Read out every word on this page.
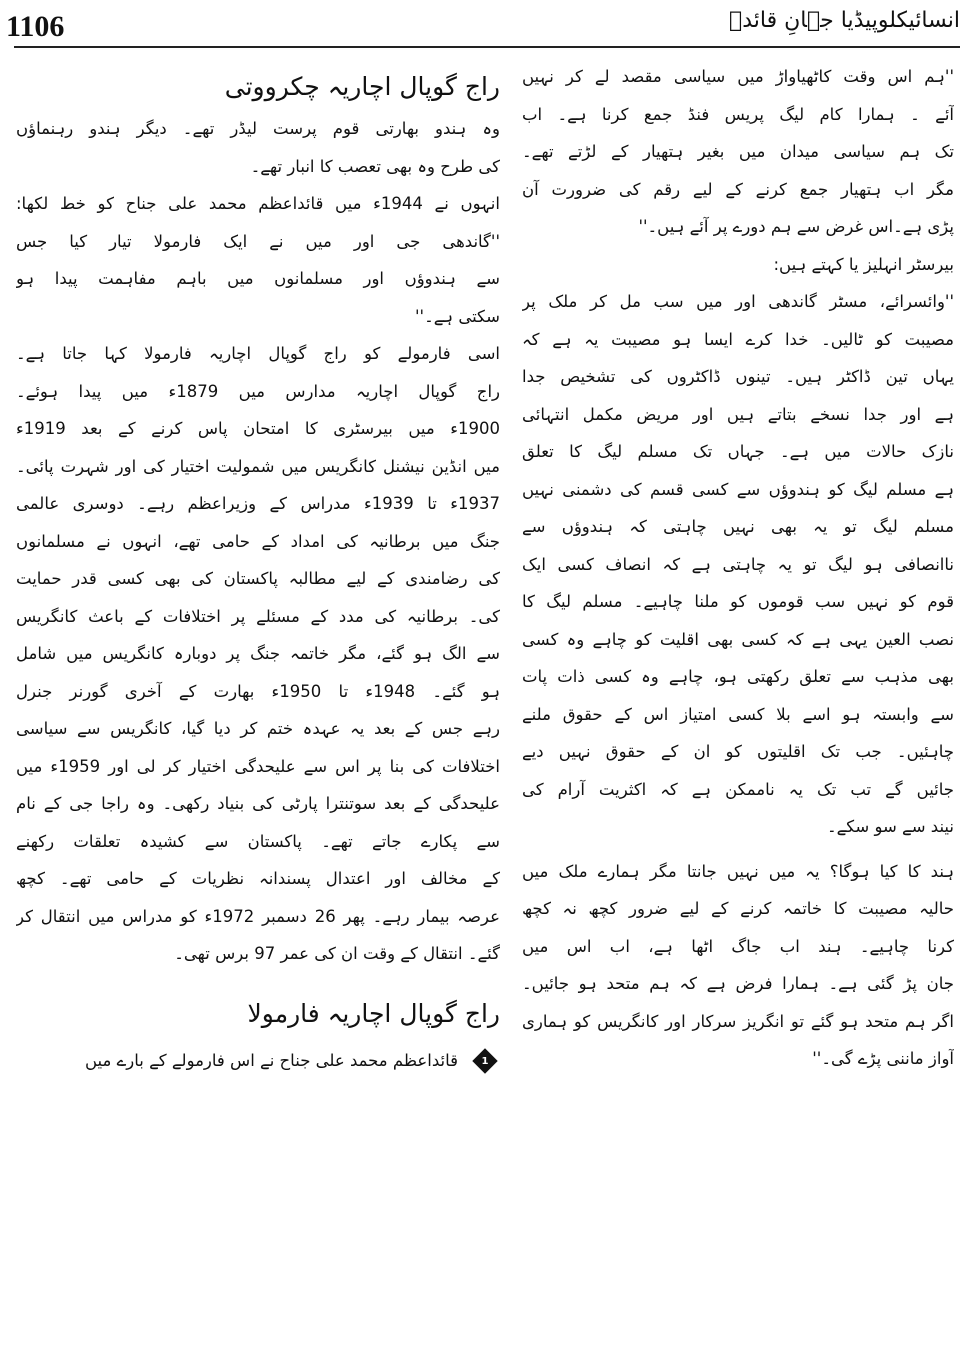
1106	انسائیکلوپیڈیا جہانِ قائدؒ
''ہم اس وقت کاٹھیاواڑ میں سیاسی مقصد لے کر نہیں
آئے ۔ ہمارا کام لیگ پریس فنڈ جمع کرنا ہے۔ اب
تک ہم سیاسی میدان میں بغیر ہتھیار کے لڑتے تھے۔
مگر اب ہتھیار جمع کرنے کے لیے رقم کی ضرورت آن
پڑی ہے۔اس غرض سے ہم دورے پر آئے ہیں۔''
بیرسٹر انہلیز یا کہتے ہیں:
''وائسرائے، مسٹر گاندھی اور میں سب مل کر ملک پر
مصیبت کو ٹالیں۔ خدا کرے ایسا ہو مصیبت یہ ہے کہ
یہاں تین ڈاکٹر ہیں۔ تینوں ڈاکٹروں کی تشخیص جدا
ہے اور جدا نسخے بتاتے ہیں اور مریض مکمل انتہائی
نازک حالات میں ہے۔ جہاں تک مسلم لیگ کا تعلق
ہے مسلم لیگ کو ہندوؤں سے کسی قسم کی دشمنی نہیں
مسلم لیگ تو یہ بھی نہیں چاہتی کہ ہندوؤں سے
ناانصافی ہو لیگ تو یہ چاہتی ہے کہ انصاف کسی ایک
قوم کو نہیں سب قوموں کو ملنا چاہیے۔ مسلم لیگ کا
نصب العین یہی ہے کہ کسی بھی اقلیت کو چاہے وہ کسی
بھی مذہب سے تعلق رکھتی ہو، چاہے وہ کسی ذات پات
سے وابستہ ہو اسے بلا کسی امتیاز اس کے حقوق ملنے
چاہئیں۔ جب تک اقلیتوں کو ان کے حقوق نہیں دیے
جائیں گے تب تک یہ ناممکن ہے کہ اکثریت آرام کی
نیند سے سو سکے۔
ہند کا کیا ہوگا؟ یہ میں نہیں جانتا مگر ہمارے ملک میں
حالیہ مصیبت کا خاتمہ کرنے کے لیے ضرور کچھ نہ کچھ
کرنا چاہیے۔ ہند اب جاگ اٹھا ہے، اب اس میں
جان پڑ گئی ہے۔ ہمارا فرض ہے کہ ہم متحد ہو جائیں۔
اگر ہم متحد ہو گئے تو انگریز سرکار اور کانگریس کو ہماری
آواز ماننی پڑے گی۔''
راج گوپال اچاریہ چکرووتی
وہ ہندو بھارتی قوم پرست لیڈر تھے۔ دیگر ہندو رہنماؤں
کی طرح وہ بھی تعصب کا انبار تھے۔
انہوں نے 1944ء میں قائداعظم محمد علی جناح کو خط لکھا:
''گاندھی جی اور میں نے ایک فارمولا تیار کیا جس
سے ہندوؤں اور مسلمانوں میں باہم مفاہمت پیدا ہو
سکتی ہے۔''
اسی فارمولے کو راج گوپال اچاریہ فارمولا کہا جاتا ہے۔
راج گوپال اچاریہ مدارس میں 1879ء میں پیدا ہوئے۔
1900ء میں بیرسٹری کا امتحان پاس کرنے کے بعد 1919ء
میں انڈین نیشنل کانگریس میں شمولیت اختیار کی اور شہرت پائی۔
1937ء تا 1939ء مدراس کے وزیراعظم رہے۔ دوسری عالمی
جنگ میں برطانیہ کی امداد کے حامی تھے، انہوں نے مسلمانوں
کی رضامندی کے لیے مطالبہ پاکستان کی بھی کسی قدر حمایت
کی۔ برطانیہ کی مدد کے مسئلے پر اختلافات کے باعث کانگریس
سے الگ ہو گئے، مگر خاتمہ جنگ پر دوبارہ کانگریس میں شامل
ہو گئے۔ 1948ء تا 1950ء بھارت کے آخری گورنر جنرل
رہے جس کے بعد یہ عہدہ ختم کر دیا گیا، کانگریس سے سیاسی
اختلافات کی بنا پر اس سے علیحدگی اختیار کر لی اور 1959ء میں
علیحدگی کے بعد سوتنترا پارٹی کی بنیاد رکھی۔ وہ راجا جی کے نام
سے پکارے جاتے تھے۔ پاکستان سے کشیدہ تعلقات رکھنے
کے مخالف اور اعتدال پسندانہ نظریات کے حامی تھے۔ کچھ
عرصہ بیمار رہے۔ پھر 26 دسمبر 1972ء کو مدراس میں انتقال کر
گئے۔ انتقال کے وقت ان کی عمر 97 برس تھی۔
راج گوپال اچاریہ فارمولا
1
قائداعظم محمد علی جناح نے اس فارمولے کے بارے میں
